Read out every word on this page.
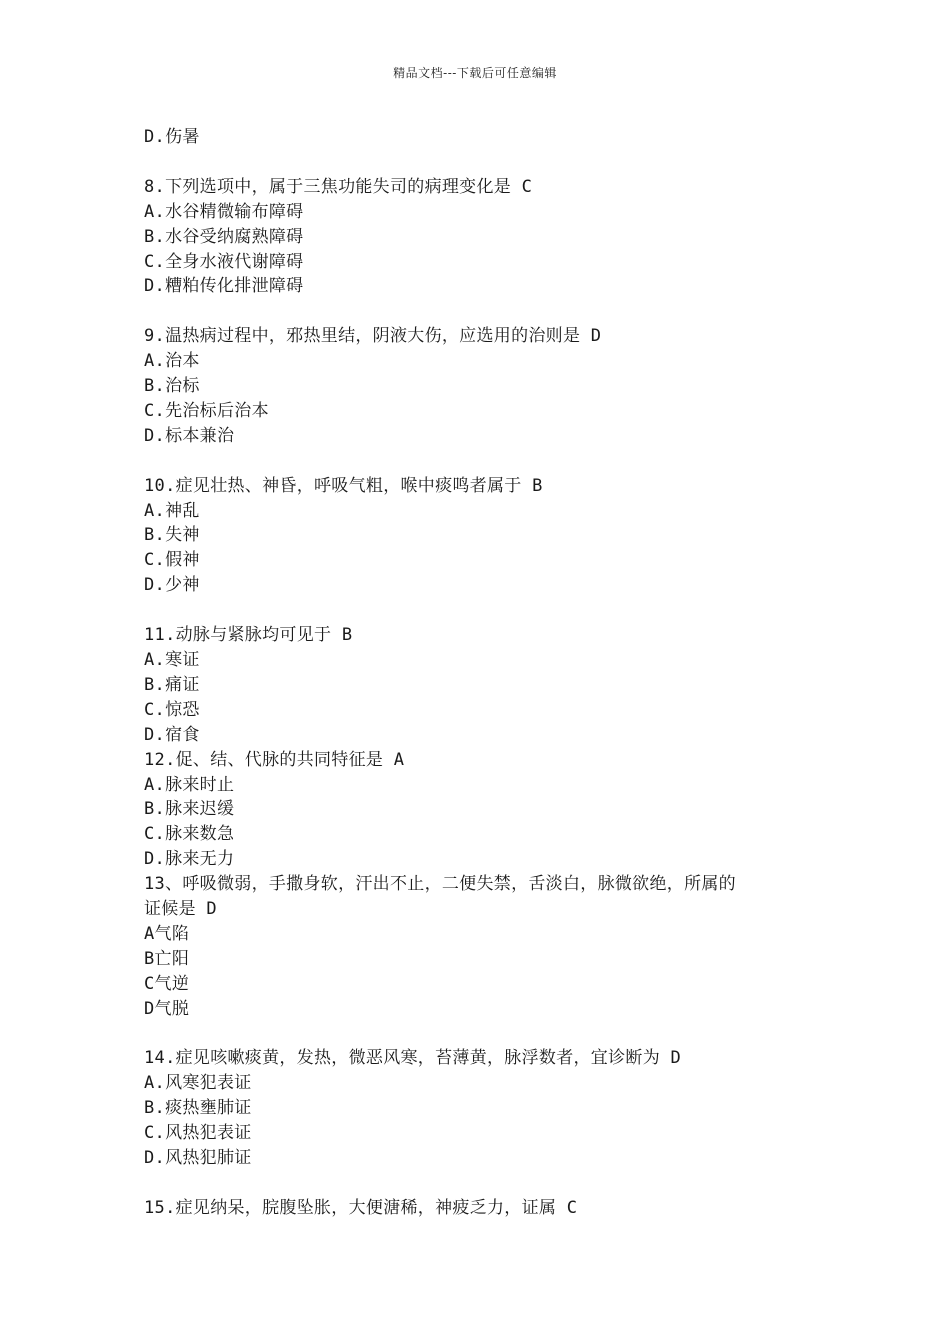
精品文档---下载后可任意编辑
D.伤暑
8.下列选项中，属于三焦功能失司的病理变化是 C
A.水谷精微输布障碍
B.水谷受纳腐熟障碍
C.全身水液代谢障碍
D.糟粕传化排泄障碍
9.温热病过程中，邪热里结，阴液大伤，应选用的治则是 D
A.治本
B.治标
C.先治标后治本
D.标本兼治
10.症见壮热、神昏，呼吸气粗，喉中痰鸣者属于 B
A.神乱
B.失神
C.假神
D.少神
11.动脉与紧脉均可见于 B
A.寒证
B.痛证
C.惊恐
D.宿食
12.促、结、代脉的共同特征是 A
A.脉来时止
B.脉来迟缓
C.脉来数急
D.脉来无力
13、呼吸微弱，手撒身软，汗出不止，二便失禁，舌淡白，脉微欲绝，所属的
证候是 D
A气陷
B亡阳
C气逆
D气脱
14.症见咳嗽痰黄，发热，微恶风寒，苔薄黄，脉浮数者，宜诊断为 D
A.风寒犯表证
B.痰热壅肺证
C.风热犯表证
D.风热犯肺证
15.症见纳呆，脘腹坠胀，大便溏稀，神疲乏力，证属 C
